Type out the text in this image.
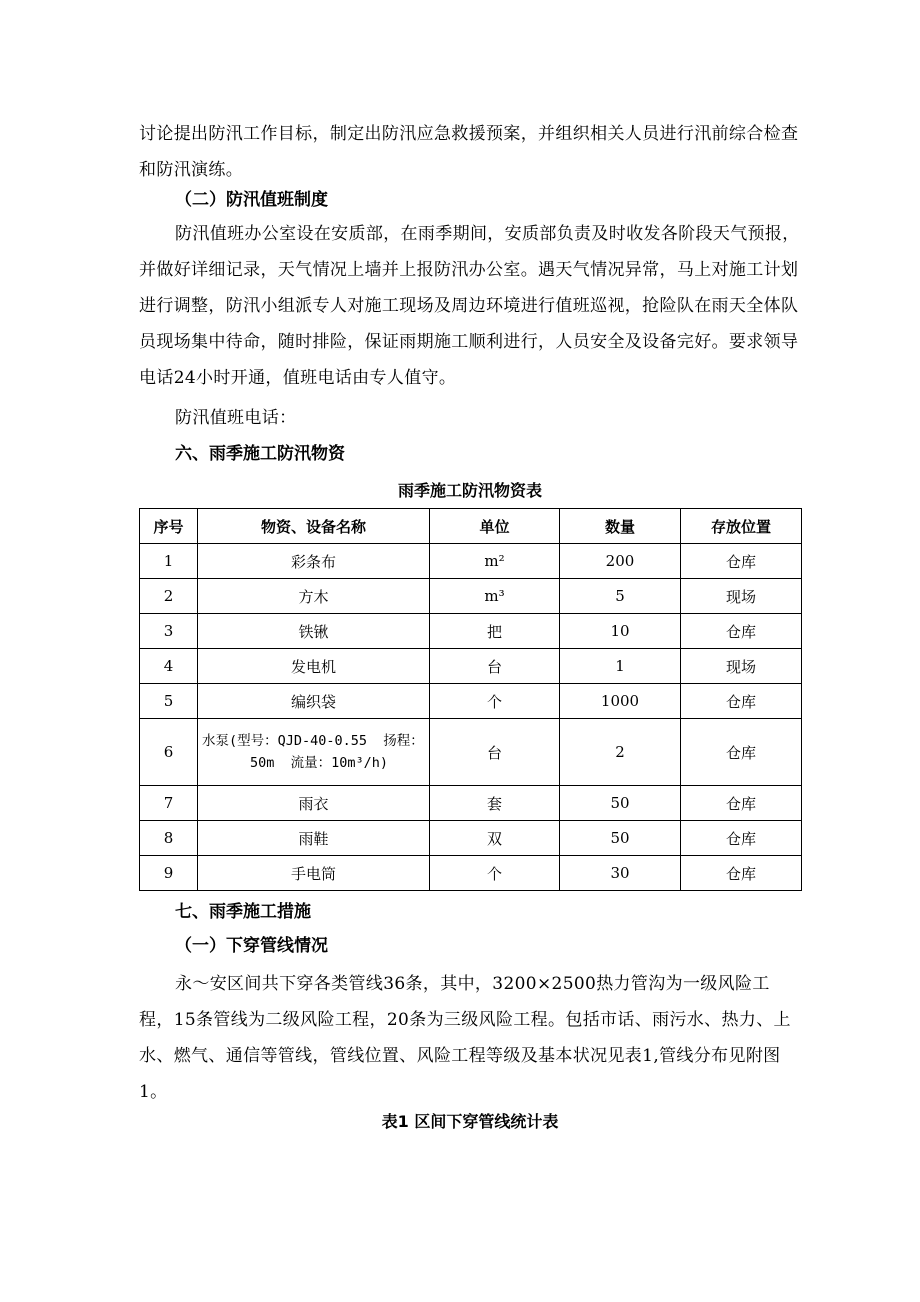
讨论提出防汛工作目标，制定出防汛应急救援预案，并组织相关人员进行汛前综合检查和防汛演练。

（二）防汛值班制度

防汛值班办公室设在安质部，在雨季期间，安质部负责及时收发各阶段天气预报，并做好详细记录，天气情况上墙并上报防汛办公室。遇天气情况异常，马上对施工计划进行调整，防汛小组派专人对施工现场及周边环境进行值班巡视，抢险队在雨天全体队员现场集中待命，随时排险，保证雨期施工顺利进行，人员安全及设备完好。要求领导电话24小时开通，值班电话由专人值守。

防汛值班电话：

六、雨季施工防汛物资
雨季施工防汛物资表
序号	物资、设备名称	单位	数量	存放位置
1	彩条布	m²	200	仓库
2	方木	m³	5	现场
3	铁锹	把	10	仓库
4	发电机	台	1	现场
5	编织袋	个	1000	仓库
6	水泵(型号：QJD-40-0.55  扬程：
50m  流量：10m³/h)	台	2	仓库
7	雨衣	套	50	仓库
8	雨鞋	双	50	仓库
9	手电筒	个	30	仓库
七、雨季施工措施
（一）下穿管线情况

永～安区间共下穿各类管线36条，其中，3200×2500热力管沟为一级风险工程，15条管线为二级风险工程，20条为三级风险工程。包括市话、雨污水、热力、上水、燃气、通信等管线，管线位置、风险工程等级及基本状况见表1,管线分布见附图1。

表1 区间下穿管线统计表
